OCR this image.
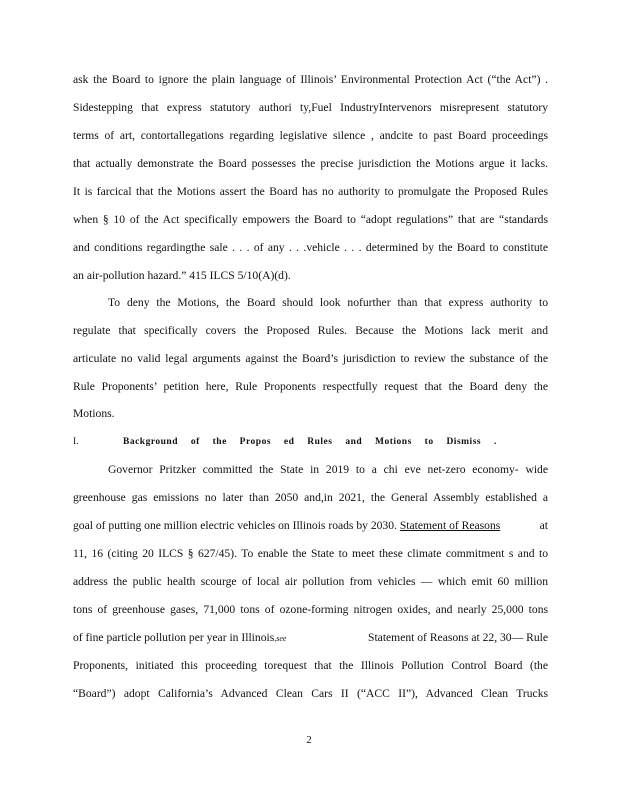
ask the Board to ignore the plain language of Illinois’ Environmental Protection Act (“the Act”) .
Sidestepping that express statutory authori ty,Fuel IndustryIntervenors misrepresent statutory
terms of art, contortallegations regarding legislative silence , andcite to past Board proceedings
that actually demonstrate the Board possesses the precise jurisdiction the Motions argue it lacks.
It is farcical that the Motions assert the Board has no authority to promulgate the Proposed Rules
when § 10 of the Act specifically empowers the Board to “adopt regulations” that are “standards
and conditions regardingthe sale . . . of any . . .vehicle . . . determined by the Board to constitute
an air-pollution hazard.” 415 ILCS 5/10(A)(d).
To deny the Motions, the Board should look nofurther than that express authority to
regulate that specifically covers the Proposed Rules. Because the Motions lack merit and
articulate no valid legal arguments against the Board’s jurisdiction to review the substance of the
Rule Proponents’ petition here, Rule Proponents respectfully request that the Board deny the
Motions.
I.	Background of the Propos ed Rules and Motions to Dismiss .
Governor Pritzker committed the State in 2019 to a chi eve net-zero economy- wide
greenhouse gas emissions no later than 2050 and,in 2021, the General Assembly established a
goal of putting one million electric vehicles on Illinois roads by 2030. Statement of Reasons	at
11, 16 (citing 20 ILCS § 627/45). To enable the State to meet these climate commitment s and to
address the public health scourge of local air pollution from vehicles — which emit 60 million
tons of greenhouse gases, 71,000 tons of ozone-forming nitrogen oxides, and nearly 25,000 tons
of fine particle pollution per year in Illinois,see	Statement of Reasons at 22, 30— Rule
Proponents, initiated this proceeding torequest that the Illinois Pollution Control Board (the
“Board”) adopt California’s Advanced Clean Cars II (“ACC II”), Advanced Clean Trucks
2
